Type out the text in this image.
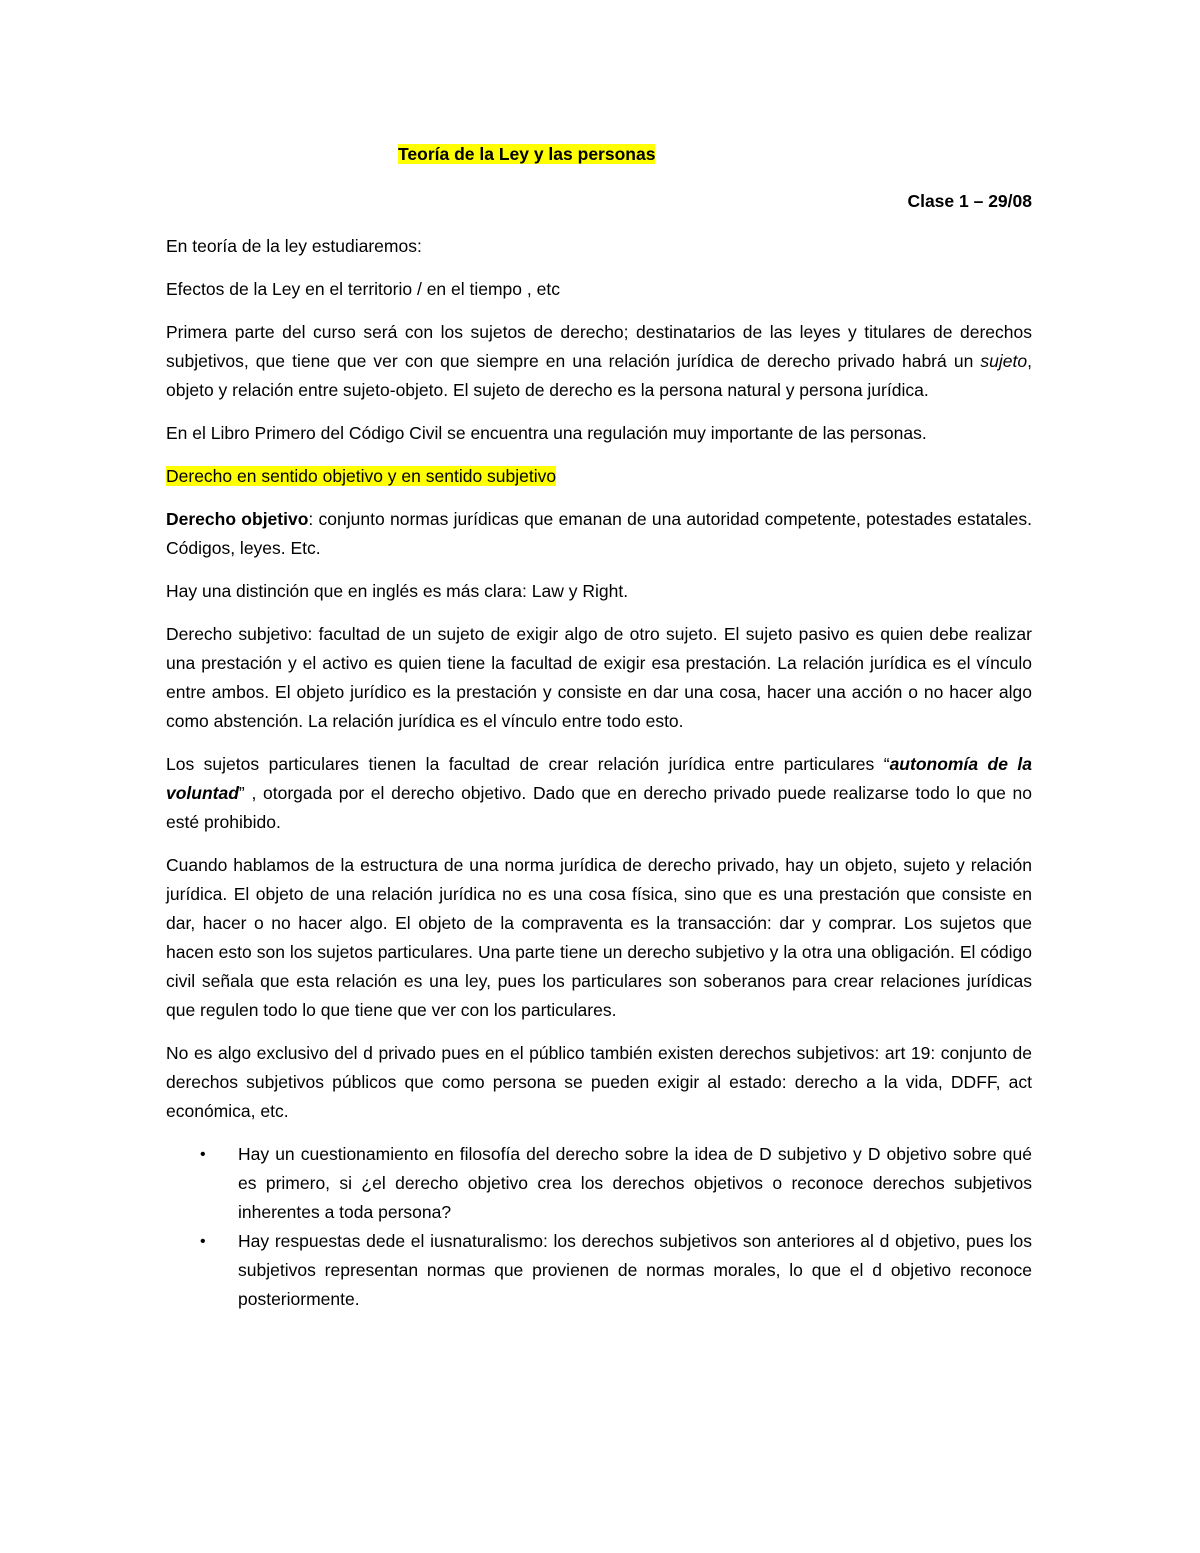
Teoría de la Ley y las personas
Clase 1 – 29/08

En teoría de la ley estudiaremos:

Efectos de la Ley en el territorio / en el tiempo , etc

Primera parte del curso será con los sujetos de derecho; destinatarios de las leyes y titulares de derechos subjetivos, que tiene que ver con que siempre en una relación jurídica de derecho privado habrá un sujeto, objeto y relación entre sujeto-objeto. El sujeto de derecho es la persona natural y persona jurídica.

En el Libro Primero del Código Civil se encuentra una regulación muy importante de las personas.

Derecho en sentido objetivo y en sentido subjetivo

Derecho objetivo: conjunto normas jurídicas que emanan de una autoridad competente, potestades estatales. Códigos, leyes. Etc.

Hay una distinción que en inglés es más clara: Law y Right.

Derecho subjetivo: facultad de un sujeto de exigir algo de otro sujeto. El sujeto pasivo es quien debe realizar una prestación y el activo es quien tiene la facultad de exigir esa prestación. La relación jurídica es el vínculo entre ambos. El objeto jurídico es la prestación y consiste en dar una cosa, hacer una acción o no hacer algo como abstención. La relación jurídica es el vínculo entre todo esto.

Los sujetos particulares tienen la facultad de crear relación jurídica entre particulares “autonomía de la voluntad” , otorgada por el derecho objetivo. Dado que en derecho privado puede realizarse todo lo que no esté prohibido.

Cuando hablamos de la estructura de una norma jurídica de derecho privado, hay un objeto, sujeto y relación jurídica. El objeto de una relación jurídica no es una cosa física, sino que es una prestación que consiste en dar, hacer o no hacer algo. El objeto de la compraventa es la transacción: dar y comprar. Los sujetos que hacen esto son los sujetos particulares. Una parte tiene un derecho subjetivo y la otra una obligación. El código civil señala que esta relación es una ley, pues los particulares son soberanos para crear relaciones jurídicas que regulen todo lo que tiene que ver con los particulares.

No es algo exclusivo del d privado pues en el público también existen derechos subjetivos: art 19: conjunto de derechos subjetivos públicos que como persona se pueden exigir al estado: derecho a la vida, DDFF, act económica, etc.

• Hay un cuestionamiento en filosofía del derecho sobre la idea de D subjetivo y D objetivo sobre qué es primero, si ¿el derecho objetivo crea los derechos objetivos o reconoce derechos subjetivos inherentes a toda persona?
• Hay respuestas dede el iusnaturalismo: los derechos subjetivos son anteriores al d objetivo, pues los subjetivos representan normas que provienen de normas morales, lo que el d objetivo reconoce posteriormente.
